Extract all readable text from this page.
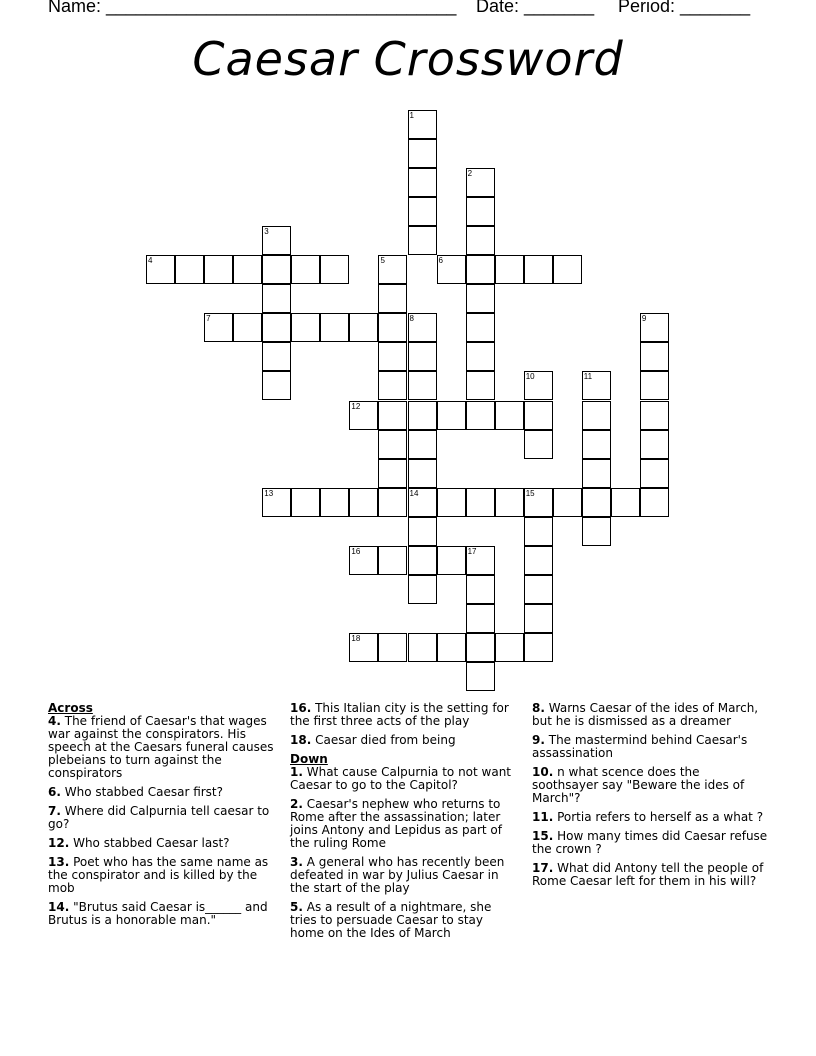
Name: ___________________________________ Date: _______ Period: _______
Caesar Crossword
1
2
3
4	5	6
7	8
14
9
10	11
12
13	15
16	17
18
Across
4. The friend of Caesar's that wages war against the conspirators. His speech at the Caesars funeral causes plebeians to turn against the conspirators
6. Who stabbed Caesar first?
7. Where did Calpurnia tell caesar to go?
12. Who stabbed Caesar last?
13. Poet who has the same name as the conspirator and is killed by the mob
14. "Brutus said Caesar is______ and Brutus is a honorable man."
16. This Italian city is the setting for the first three acts of the play
18. Caesar died from being
Down
1. What cause Calpurnia to not want Caesar to go to the Capitol?
2. Caesar's nephew who returns to Rome after the assassination; later joins Antony and Lepidus as part of the ruling Rome
3. A general who has recently been defeated in war by Julius Caesar in the start of the play
5. As a result of a nightmare, she tries to persuade Caesar to stay home on the Ides of March
8. Warns Caesar of the ides of March, but he is dismissed as a dreamer
9. The mastermind behind Caesar's assassination
10. n what scence does the soothsayer say "Beware the ides of March"?
11. Portia refers to herself as a what ?
15. How many times did Caesar refuse the crown ?
17. What did Antony tell the people of Rome Caesar left for them in his will?
